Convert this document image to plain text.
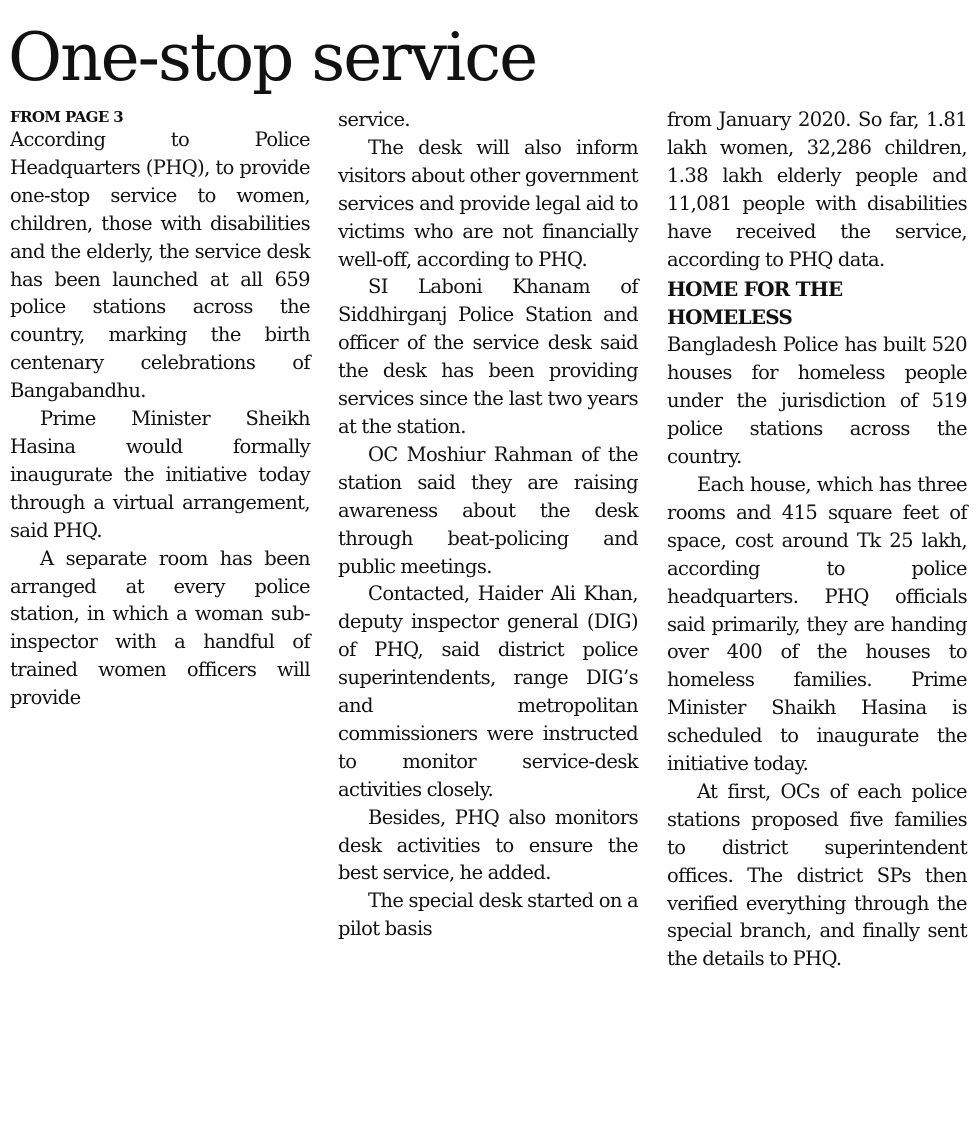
One-stop service
FROM PAGE 3

According to Police Headquarters (PHQ), to provide one-stop service to women, children, those with disabilities and the elderly, the service desk has been launched at all 659 police stations across the country, marking the birth centenary celebrations of Bangabandhu.

Prime Minister Sheikh Hasina would formally inaugurate the initiative today through a virtual arrangement, said PHQ.

A separate room has been arranged at every police station, in which a woman sub-inspector with a handful of trained women officers will provide

service.

The desk will also inform visitors about other government services and provide legal aid to victims who are not financially well-off, according to PHQ.

SI Laboni Khanam of Siddhirganj Police Station and officer of the service desk said the desk has been providing services since the last two years at the station.

OC Moshiur Rahman of the station said they are raising awareness about the desk through beat-policing and public meetings.

Contacted, Haider Ali Khan, deputy inspector general (DIG) of PHQ, said district police superintendents, range DIG’s and metropolitan commissioners were instructed to monitor service-desk activities closely.

Besides, PHQ also monitors desk activities to ensure the best service, he added.

The special desk started on a pilot basis

from January 2020. So far, 1.81 lakh women, 32,286 children, 1.38 lakh elderly people and 11,081 people with disabilities have received the service, according to PHQ data.

HOME FOR THE HOMELESS

Bangladesh Police has built 520 houses for homeless people under the jurisdiction of 519 police stations across the country.

Each house, which has three rooms and 415 square feet of space, cost around Tk 25 lakh, according to police headquarters. PHQ officials said primarily, they are handing over 400 of the houses to homeless families. Prime Minister Shaikh Hasina is scheduled to inaugurate the initiative today.

At first, OCs of each police stations proposed five families to district superintendent offices. The district SPs then verified everything through the special branch, and finally sent the details to PHQ.
